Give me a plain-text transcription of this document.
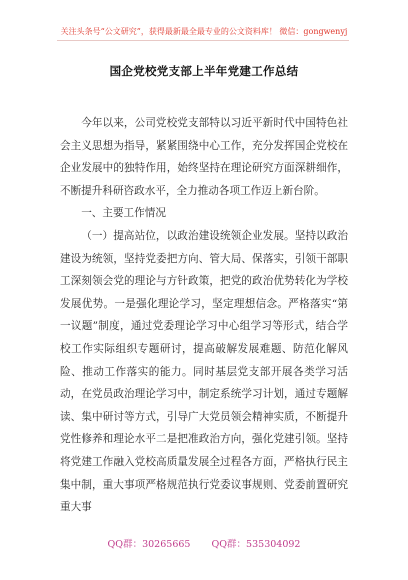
关注头条号“公文研究”，获得最新最全最专业的公文资料库！ 微信：gongwenyj
国企党校党支部上半年党建工作总结

今年以来，公司党校党支部特以习近平新时代中国特色社会主义思想为指导，紧紧围绕中心工作，充分发挥国企党校在企业发展中的独特作用，始终坚持在理论研究方面深耕细作，不断提升科研咨政水平，全力推动各项工作迈上新台阶。

一、主要工作情况

（一）提高站位，以政治建设统领企业发展。坚持以政治建设为统领，坚持党委把方向、管大局、保落实，引领干部职工深刻领会党的理论与方针政策，把党的政治优势转化为学校发展优势。一是强化理论学习，坚定理想信念。严格落实“第一议题”制度，通过党委理论学习中心组学习等形式，结合学校工作实际组织专题研讨，提高破解发展难题、防范化解风险、推动工作落实的能力。同时基层党支部开展各类学习活动，在党员政治理论学习中，制定系统学习计划，通过专题解读、集中研讨等方式，引导广大党员领会精神实质，不断提升党性修养和理论水平二是把准政治方向，强化党建引领。坚持将党建工作融入党校高质量发展全过程各方面，严格执行民主集中制，重大事项严格规范执行党委议事规则、党委前置研究重大事

QQ群：30265665 QQ群：535304092
